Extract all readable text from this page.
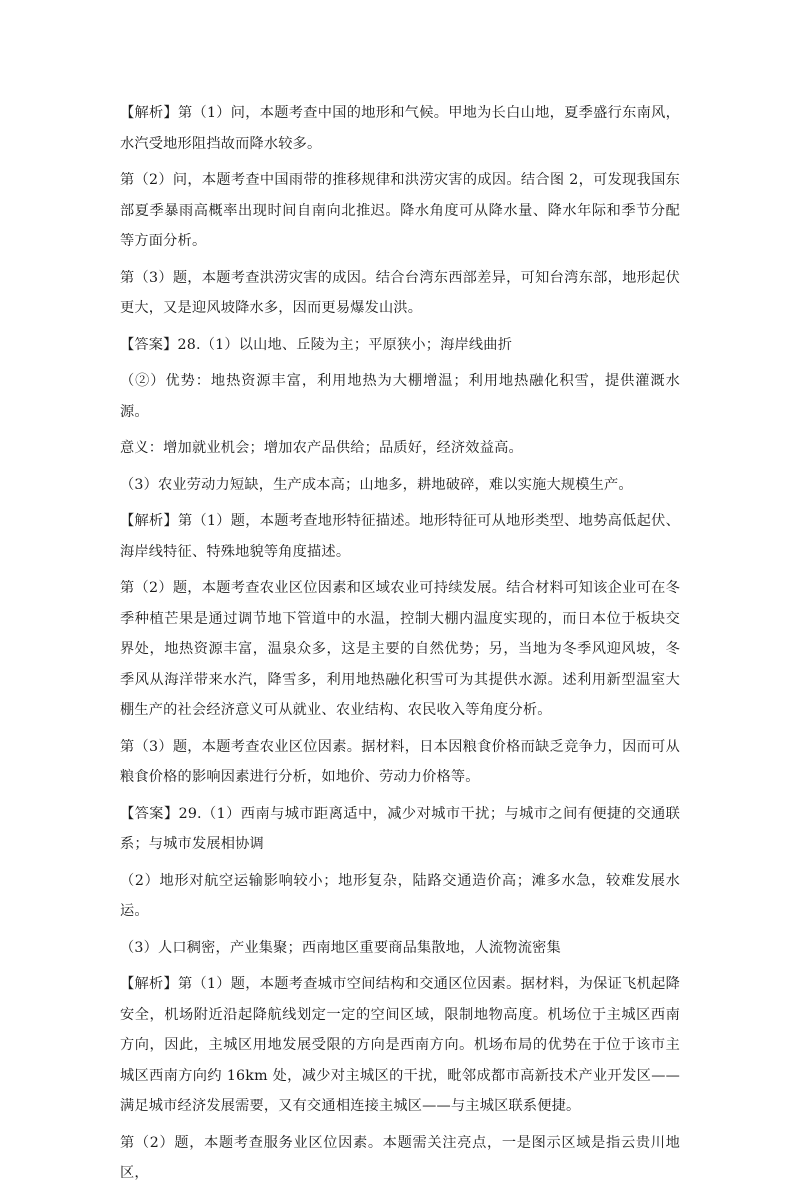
【解析】第（1）问，本题考查中国的地形和气候。甲地为长白山地，夏季盛行东南风，水汽受地形阻挡故而降水较多。

第（2）问，本题考查中国雨带的推移规律和洪涝灾害的成因。结合图 2，可发现我国东部夏季暴雨高概率出现时间自南向北推迟。降水角度可从降水量、降水年际和季节分配等方面分析。

第（3）题，本题考查洪涝灾害的成因。结合台湾东西部差异，可知台湾东部，地形起伏更大，又是迎风坡降水多，因而更易爆发山洪。

【答案】28.（1）以山地、丘陵为主；平原狭小；海岸线曲折

（②）优势：地热资源丰富，利用地热为大棚增温；利用地热融化积雪，提供灌溉水源。

意义：增加就业机会；增加农产品供给；品质好，经济效益高。

（3）农业劳动力短缺，生产成本高；山地多，耕地破碎，难以实施大规模生产。

【解析】第（1）题，本题考查地形特征描述。地形特征可从地形类型、地势高低起伏、海岸线特征、特殊地貌等角度描述。

第（2）题，本题考查农业区位因素和区域农业可持续发展。结合材料可知该企业可在冬季种植芒果是通过调节地下管道中的水温，控制大棚内温度实现的，而日本位于板块交界处，地热资源丰富，温泉众多，这是主要的自然优势；另，当地为冬季风迎风坡，冬季风从海洋带来水汽，降雪多，利用地热融化积雪可为其提供水源。述利用新型温室大棚生产的社会经济意义可从就业、农业结构、农民收入等角度分析。

第（3）题，本题考查农业区位因素。据材料，日本因粮食价格而缺乏竞争力，因而可从粮食价格的影响因素进行分析，如地价、劳动力价格等。

【答案】29.（1）西南与城市距离适中，减少对城市干扰；与城市之间有便捷的交通联系；与城市发展相协调

（2）地形对航空运输影响较小；地形复杂，陆路交通造价高；滩多水急，较难发展水运。

（3）人口稠密，产业集聚；西南地区重要商品集散地，人流物流密集

【解析】第（1）题，本题考查城市空间结构和交通区位因素。据材料，为保证飞机起降安全，机场附近沿起降航线划定一定的空间区域，限制地物高度。机场位于主城区西南方向，因此，主城区用地发展受限的方向是西南方向。机场布局的优势在于位于该市主城区西南方向约 16km 处，减少对主城区的干扰，毗邻成都市高新技术产业开发区——满足城市经济发展需要，又有交通相连接主城区——与主城区联系便捷。

第（2）题，本题考查服务业区位因素。本题需关注亮点，一是图示区域是指云贵川地区，
